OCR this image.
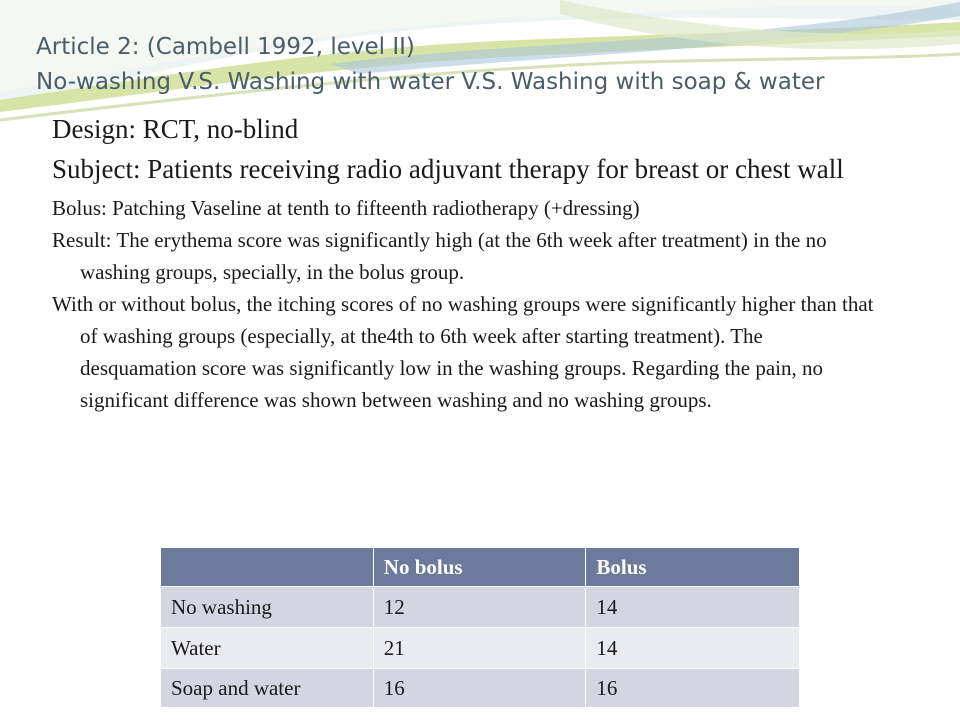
Article 2: (Cambell 1992, level II)
No-washing V.S. Washing with water V.S. Washing with soap & water

Design: RCT, no-blind

Subject: Patients receiving radio adjuvant therapy for breast or chest wall

Bolus: Patching Vaseline at tenth to fifteenth radiotherapy (+dressing)

Result: The erythema score was significantly high (at the 6th week after treatment) in the no washing groups, specially, in the bolus group.

With or without bolus, the itching scores of no washing groups were significantly higher than that of washing groups (especially, at the4th to 6th week after starting treatment). The desquamation score was significantly low in the washing groups. Regarding the pain, no significant difference was shown between washing and no washing groups.

	No bolus	Bolus
No washing	12	14
Water	21	14
Soap and water	16	16
